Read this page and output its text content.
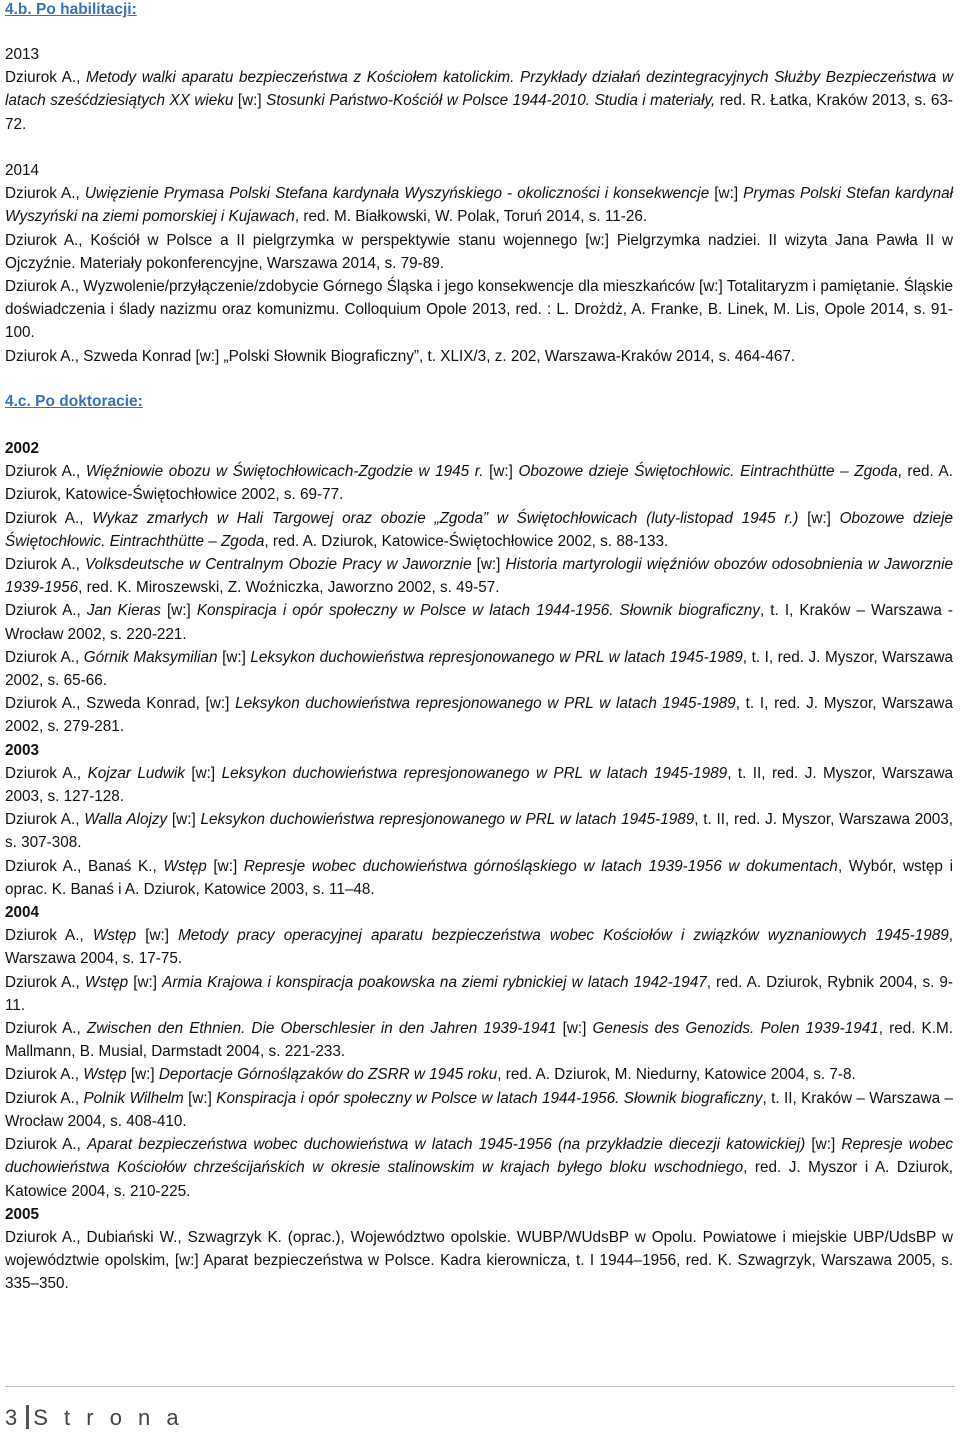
4.b. Po habilitacji:

2013

Dziurok A., Metody walki aparatu bezpieczeństwa z Kościołem katolickim. Przykłady działań dezintegracyjnych Służby Bezpieczeństwa w latach sześćdziesiątych XX wieku [w:] Stosunki Państwo-Kościół w Polsce 1944-2010. Studia i materiały, red. R. Łatka, Kraków 2013, s. 63-72.

2014

Dziurok A., Uwięzienie Prymasa Polski Stefana kardynała Wyszyńskiego - okoliczności i konsekwencje [w:] Prymas Polski Stefan kardynał Wyszyński na ziemi pomorskiej i Kujawach, red. M. Białkowski, W. Polak, Toruń 2014, s. 11-26.

Dziurok A., Kościół w Polsce a II pielgrzymka w perspektywie stanu wojennego [w:] Pielgrzymka nadziei. II wizyta Jana Pawła II w Ojczyźnie. Materiały pokonferencyjne, Warszawa 2014, s. 79-89.

Dziurok A., Wyzwolenie/przyłączenie/zdobycie Górnego Śląska i jego konsekwencje dla mieszkańców [w:] Totalitaryzm i pamiętanie. Śląskie doświadczenia i ślady nazizmu oraz komunizmu. Colloquium Opole 2013, red. : L. Drożdż, A. Franke, B. Linek, M. Lis, Opole 2014, s. 91-100.

Dziurok A., Szweda Konrad [w:] „Polski Słownik Biograficzny”, t. XLIX/3, z. 202, Warszawa-Kraków 2014, s. 464-467.

4.c. Po doktoracie:

2002

Dziurok A., Więźniowie obozu w Świętochłowicach-Zgodzie w 1945 r. [w:] Obozowe dzieje Świętochłowic. Eintrachthütte – Zgoda, red. A. Dziurok, Katowice-Świętochłowice 2002, s. 69-77.

Dziurok A., Wykaz zmarłych w Hali Targowej oraz obozie „Zgoda” w Świętochłowicach (luty-listopad 1945 r.) [w:] Obozowe dzieje Świętochłowic. Eintrachthütte – Zgoda, red. A. Dziurok, Katowice-Świętochłowice 2002, s. 88-133.

Dziurok A., Volksdeutsche w Centralnym Obozie Pracy w Jaworznie [w:] Historia martyrologii więźniów obozów odosobnienia w Jaworznie 1939-1956, red. K. Miroszewski, Z. Woźniczka, Jaworzno 2002, s. 49-57.

Dziurok A., Jan Kieras [w:] Konspiracja i opór społeczny w Polsce w latach 1944-1956. Słownik biograficzny, t. I, Kraków – Warszawa - Wrocław 2002, s. 220-221.

Dziurok A., Górnik Maksymilian [w:] Leksykon duchowieństwa represjonowanego w PRL w latach 1945-1989, t. I, red. J. Myszor, Warszawa 2002, s. 65-66.

Dziurok A., Szweda Konrad, [w:] Leksykon duchowieństwa represjonowanego w PRL w latach 1945-1989, t. I, red. J. Myszor, Warszawa 2002, s. 279-281.

2003

Dziurok A., Kojzar Ludwik [w:] Leksykon duchowieństwa represjonowanego w PRL w latach 1945-1989, t. II, red. J. Myszor, Warszawa 2003, s. 127-128.

Dziurok A., Walla Alojzy [w:] Leksykon duchowieństwa represjonowanego w PRL w latach 1945-1989, t. II, red. J. Myszor, Warszawa 2003, s. 307-308.

Dziurok A., Banaś K., Wstęp [w:] Represje wobec duchowieństwa górnośląskiego w latach 1939-1956 w dokumentach, Wybór, wstęp i oprac. K. Banaś i A. Dziurok, Katowice 2003, s. 11–48.

2004

Dziurok A., Wstęp [w:] Metody pracy operacyjnej aparatu bezpieczeństwa wobec Kościołów i związków wyznaniowych 1945-1989, Warszawa 2004, s. 17-75.

Dziurok A., Wstęp [w:] Armia Krajowa i konspiracja poakowska na ziemi rybnickiej w latach 1942-1947, red. A. Dziurok, Rybnik 2004, s. 9-11.

Dziurok A., Zwischen den Ethnien. Die Oberschlesier in den Jahren 1939-1941 [w:] Genesis des Genozids. Polen 1939-1941, red. K.M. Mallmann, B. Musial, Darmstadt 2004, s. 221-233.

Dziurok A., Wstęp [w:] Deportacje Górnoślązaków do ZSRR w 1945 roku, red. A. Dziurok, M. Niedurny, Katowice 2004, s. 7-8.

Dziurok A., Polnik Wilhelm [w:] Konspiracja i opór społeczny w Polsce w latach 1944-1956. Słownik biograficzny, t. II, Kraków – Warszawa – Wrocław 2004, s. 408-410.

Dziurok A., Aparat bezpieczeństwa wobec duchowieństwa w latach 1945-1956 (na przykładzie diecezji katowickiej) [w:] Represje wobec duchowieństwa Kościołów chrześcijańskich w okresie stalinowskim w krajach byłego bloku wschodniego, red. J. Myszor i A. Dziurok, Katowice 2004, s. 210-225.

2005

Dziurok A., Dubiański W., Szwagrzyk K. (oprac.), Województwo opolskie. WUBP/WUdsBP w Opolu. Powiatowe i miejskie UBP/UdsBP w województwie opolskim, [w:] Aparat bezpieczeństwa w Polsce. Kadra kierownicza, t. I 1944–1956, red. K. Szwagrzyk, Warszawa 2005, s. 335–350.

3 S t r o n a
